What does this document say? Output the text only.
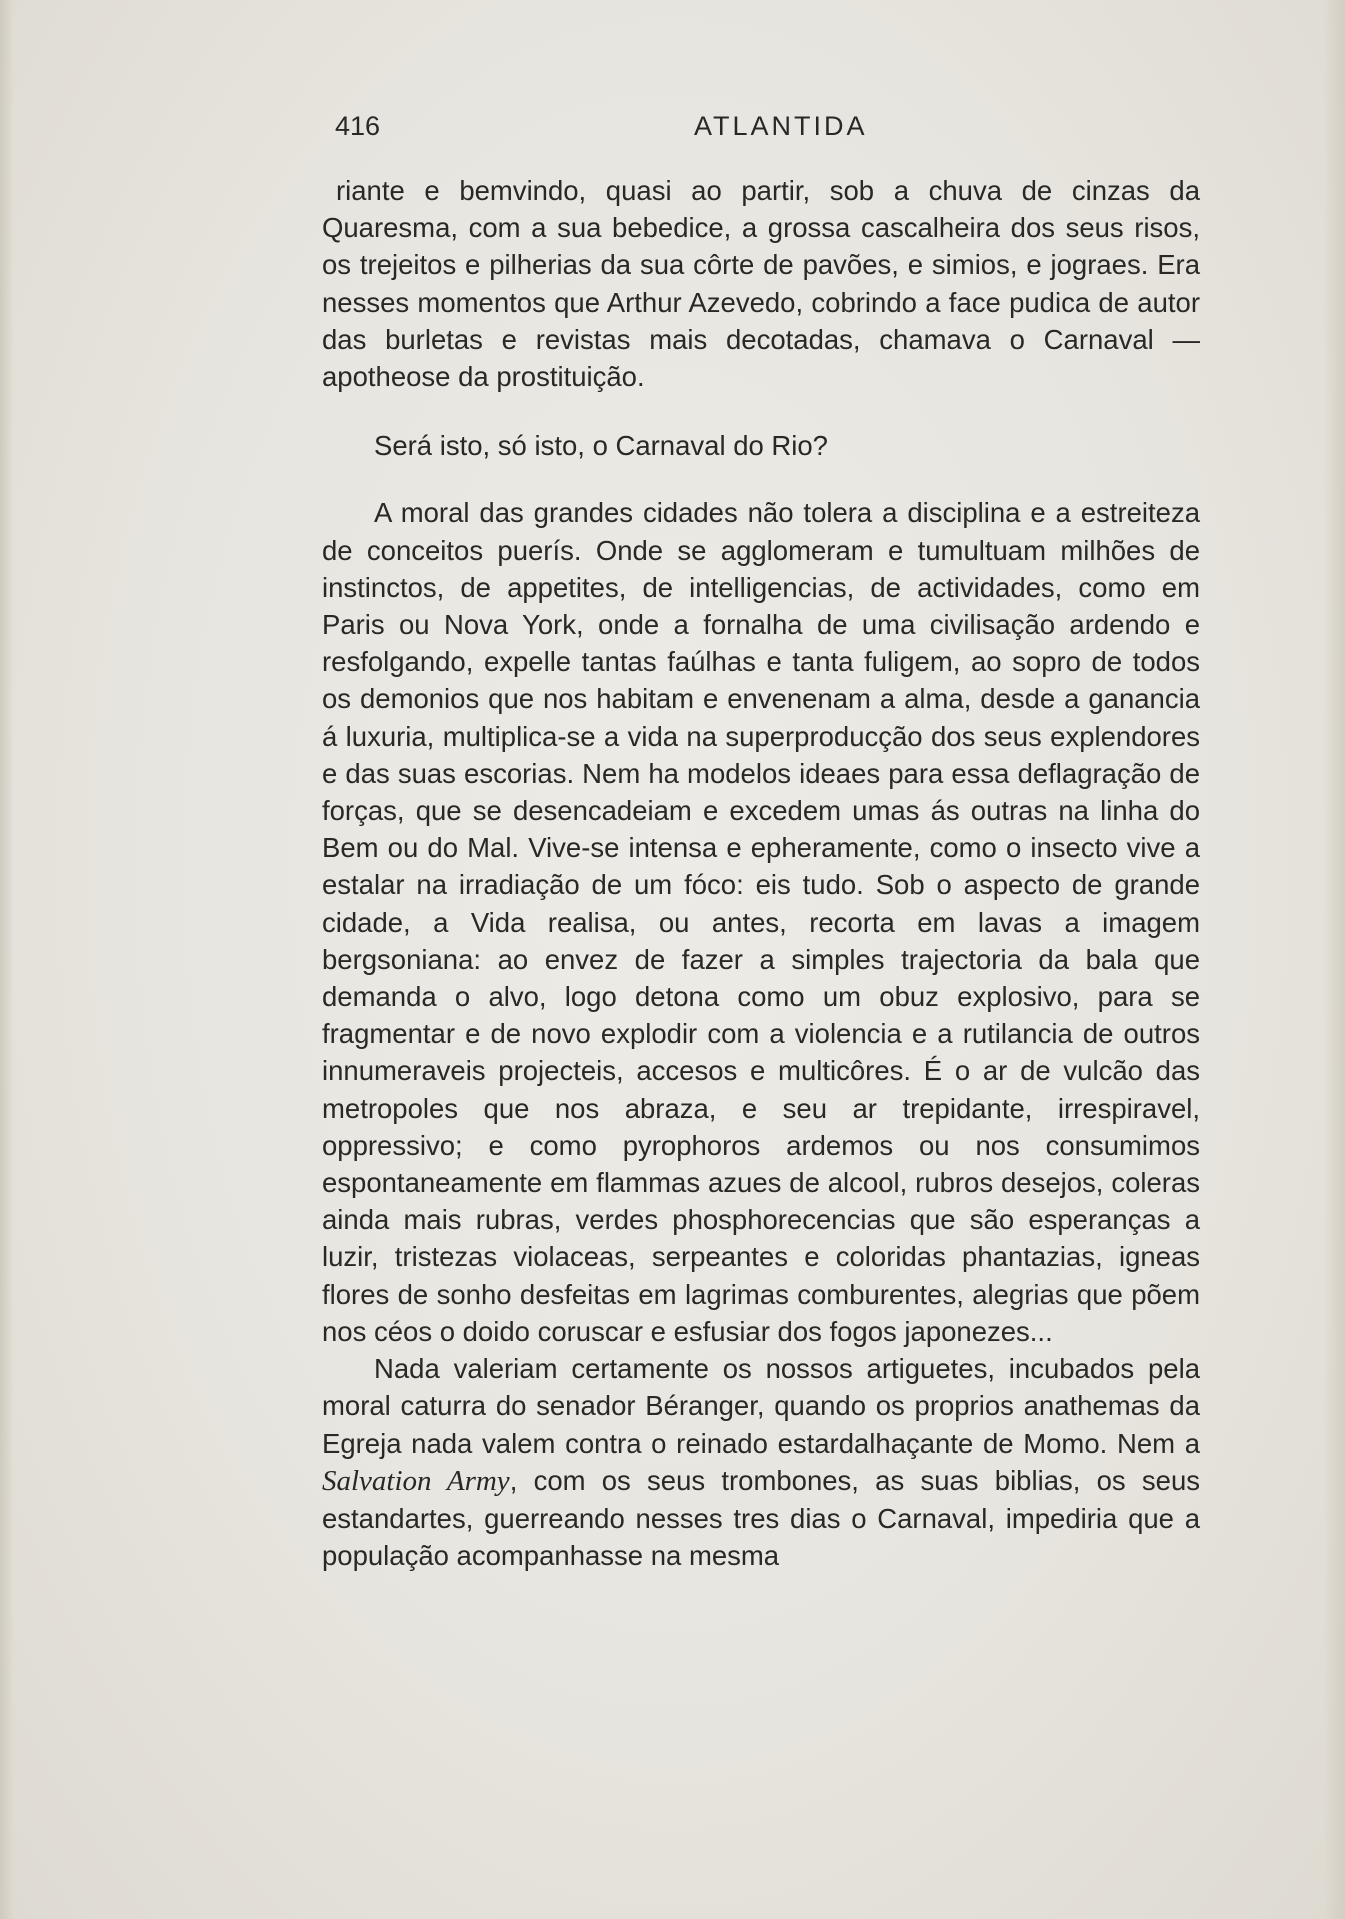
416	ATLANTIDA

riante e bemvindo, quasi ao partir, sob a chuva de cinzas da Quaresma, com a sua bebedice, a grossa cascalheira dos seus risos, os trejeitos e pilherias da sua côrte de pavões, e simios, e jograes. Era nesses momentos que Arthur Azevedo, cobrindo a face pudica de autor das burletas e revistas mais decotadas, chamava o Carnaval — apotheose da prostituição.

Será isto, só isto, o Carnaval do Rio?

A moral das grandes cidades não tolera a disciplina e a estreiteza de conceitos puerís. Onde se agglomeram e tumultuam milhões de instinctos, de appetites, de intelligencias, de actividades, como em Paris ou Nova York, onde a fornalha de uma civilisação ardendo e resfolgando, expelle tantas faúlhas e tanta fuligem, ao sopro de todos os demonios que nos habitam e envenenam a alma, desde a ganancia á luxuria, multiplica-se a vida na superproducção dos seus explendores e das suas escorias. Nem ha modelos ideaes para essa deflagração de forças, que se desencadeiam e excedem umas ás outras na linha do Bem ou do Mal. Vive-se intensa e epheramente, como o insecto vive a estalar na irradiação de um fóco: eis tudo. Sob o aspecto de grande cidade, a Vida realisa, ou antes, recorta em lavas a imagem bergsoniana: ao envez de fazer a simples trajectoria da bala que demanda o alvo, logo detona como um obuz explosivo, para se fragmentar e de novo explodir com a violencia e a rutilancia de outros innumeraveis projecteis, accesos e multicôres. É o ar de vulcão das metropoles que nos abraza, e seu ar trepidante, irrespiravel, oppressivo; e como pyrophoros ardemos ou nos consumimos espontaneamente em flammas azues de alcool, rubros desejos, coleras ainda mais rubras, verdes phosphorecencias que são esperanças a luzir, tristezas violaceas, serpeantes e coloridas phantazias, igneas flores de sonho desfeitas em lagrimas comburentes, alegrias que põem nos céos o doido coruscar e esfusiar dos fogos japonezes...

Nada valeriam certamente os nossos artiguetes, incubados pela moral caturra do senador Béranger, quando os proprios anathemas da Egreja nada valem contra o reinado estardalhaçante de Momo. Nem a Salvation Army, com os seus trombones, as suas biblias, os seus estandartes, guerreando nesses tres dias o Carnaval, impediria que a população acompanhasse na mesma
